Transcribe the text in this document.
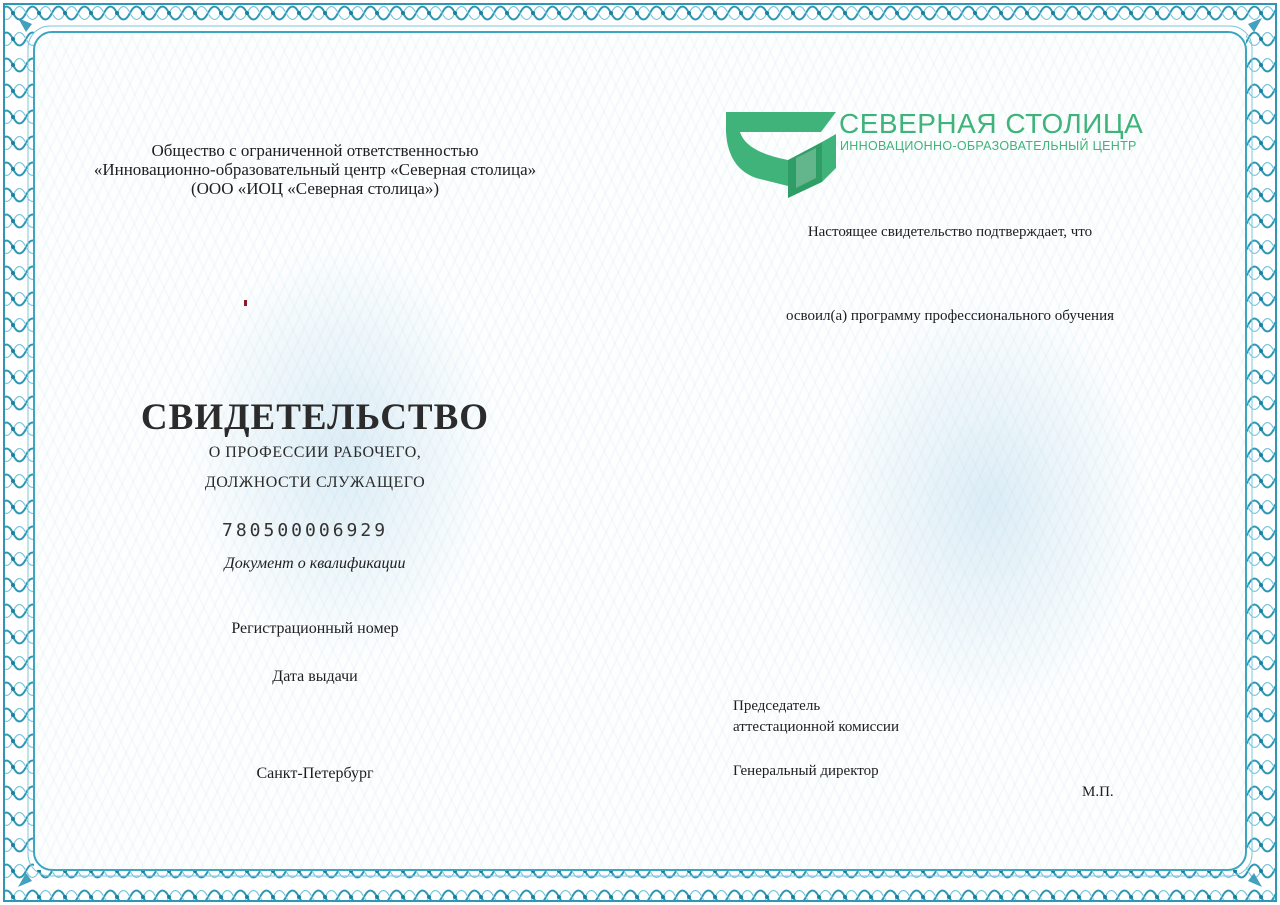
Общество с ограниченной ответственностью
«Инновационно-образовательный центр «Северная столица»
(ООО «ИОЦ «Северная столица»)
СВИДЕТЕЛЬСТВО
О ПРОФЕССИИ РАБОЧЕГО,
ДОЛЖНОСТИ СЛУЖАЩЕГО
780500006929
Документ о квалификации
Регистрационный номер
Дата выдачи
Санкт-Петербург
СЕВЕРНАЯ СТОЛИЦА
ИННОВАЦИОННО-ОБРАЗОВАТЕЛЬНЫЙ ЦЕНТР
Настоящее свидетельство подтверждает, что
освоил(а) программу профессионального обучения
Председатель
аттестационной комиссии
Генеральный директор
М.П.
